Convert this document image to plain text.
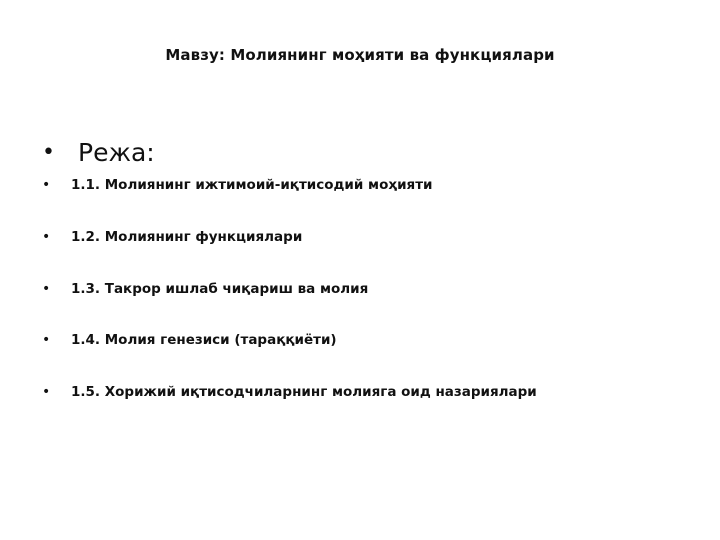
Мавзу: Молиянинг моҳияти ва функциялари
• Режа:
•	1.1. Молиянинг ижтимоий-иқтисодий моҳияти
•	1.2. Молиянинг функциялари
•	1.3. Такрор ишлаб чиқариш ва молия
•	1.4. Молия генезиси (тараққиёти)
•	1.5. Хорижий иқтисодчиларнинг молияга оид назариялари
